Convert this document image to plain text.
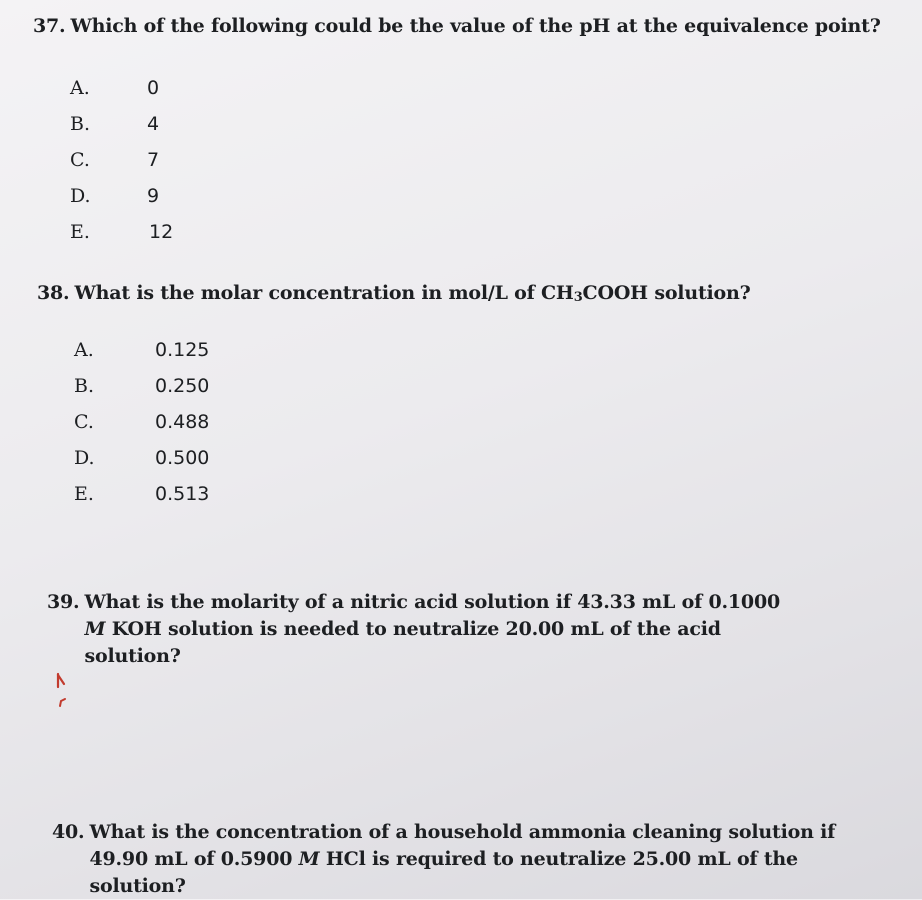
37. Which of the following could be the value of the pH at the equivalence point?
A.	0
B.	4
C.	7
D.	9
E.	12
38. What is the molar concentration in mol/L of CH3COOH solution?
A.	0.125
B.	0.250
C.	0.488
D.	0.500
E.	0.513
39. What is the molarity of a nitric acid solution if 43.33 mL of 0.1000 M KOH solution is needed to neutralize 20.00 mL of the acid solution?
40. What is the concentration of a household ammonia cleaning solution if 49.90 mL of 0.5900 M HCl is required to neutralize 25.00 mL of the solution?
